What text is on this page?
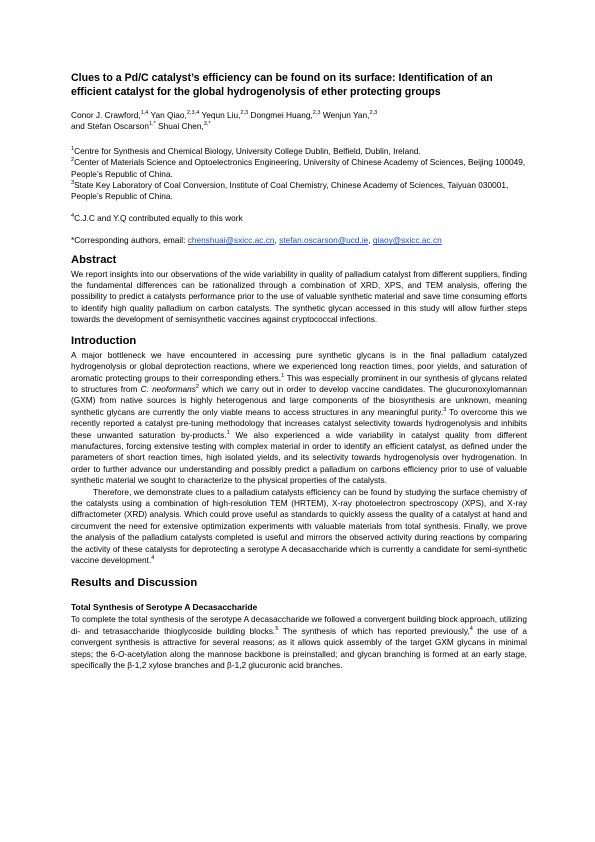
Clues to a Pd/C catalyst’s efficiency can be found on its surface: Identification of an efficient catalyst for the global hydrogenolysis of ether protecting groups
Conor J. Crawford,$^{1,4}$ Yan Qiao,$^{2,3,4}$ Yequn Liu,$^{2,3}$ Dongmei Huang,$^{2,3}$ Wenjun Yan,$^{2,3}$
and Stefan Oscarson$^{1,*}$ Shuai Chen,$^{3,*}$

$^1$Centre for Synthesis and Chemical Biology, University College Dublin, Belfield, Dublin, Ireland.

$^2$Center of Materials Science and Optoelectronics Engineering, University of Chinese Academy of Sciences, Beijing 100049, People’s Republic of China.

$^3$State Key Laboratory of Coal Conversion, Institute of Coal Chemistry, Chinese Academy of Sciences, Taiyuan 030001, People’s Republic of China.

$^4$C.J.C and Y.Q contributed equally to this work

*Corresponding authors, email: chenshuai@sxicc.ac.cn, stefan.oscarson@ucd.ie, qiaoy@sxicc.ac.cn

Abstract

We report insights into our observations of the wide variability in quality of palladium catalyst from different suppliers, finding the fundamental differences can be rationalized through a combination of XRD, XPS, and TEM analysis, offering the possibility to predict a catalysts performance prior to the use of valuable synthetic material and save time consuming efforts to identify high quality palladium on carbon catalysts. The synthetic glycan accessed in this study will allow further steps towards the development of semisynthetic vaccines against cryptococcal infections.

Introduction

A major bottleneck we have encountered in accessing pure synthetic glycans is in the final palladium catalyzed hydrogenolysis or global deprotection reactions, where we experienced long reaction times, poor yields, and saturation of aromatic protecting groups to their corresponding ethers.$^1$ This was especially prominent in our synthesis of glycans related to structures from C. neoformans$^2$ which we carry out in order to develop vaccine candidates. The glucuronoxylomannan (GXM) from native sources is highly heterogenous and large components of the biosynthesis are unknown, meaning synthetic glycans are currently the only viable means to access structures in any meaningful purity.$^3$ To overcome this we recently reported a catalyst pre-tuning methodology that increases catalyst selectivity towards hydrogenolysis and inhibits these unwanted saturation by-products.$^1$ We also experienced a wide variability in catalyst quality from different manufactures, forcing extensive testing with complex material in order to identify an efficient catalyst, as defined under the parameters of short reaction times, high isolated yields, and its selectivity towards hydrogenolysis over hydrogenation. In order to further advance our understanding and possibly predict a palladium on carbons efficiency prior to use of valuable synthetic material we sought to characterize to the physical properties of the catalysts.

Therefore, we demonstrate clues to a palladium catalysts efficiency can be found by studying the surface chemistry of the catalysts using a combination of high-resolution TEM (HRTEM), X-ray photoelectron spectroscopy (XPS), and X-ray diffractometer (XRD) analysis. Which could prove useful as standards to quickly assess the quality of a catalyst at hand and circumvent the need for extensive optimization experiments with valuable materials from total synthesis. Finally, we prove the analysis of the palladium catalysts completed is useful and mirrors the observed activity during reactions by comparing the activity of these catalysts for deprotecting a serotype A decasaccharide which is currently a candidate for semi-synthetic vaccine development.$^4$

Results and Discussion
Total Synthesis of Serotype A Decasaccharide

To complete the total synthesis of the serotype A decasaccharide we followed a convergent building block approach, utilizing di- and tetrasaccharide thioglycoside building blocks.$^5$ The synthesis of which has reported previously,$^4$ the use of a convergent synthesis is attractive for several reasons; as it allows quick assembly of the target GXM glycans in minimal steps; the 6-O-acetylation along the mannose backbone is preinstalled; and glycan branching is formed at an early stage, specifically the β-1,2 xylose branches and β-1,2 glucuronic acid branches.
